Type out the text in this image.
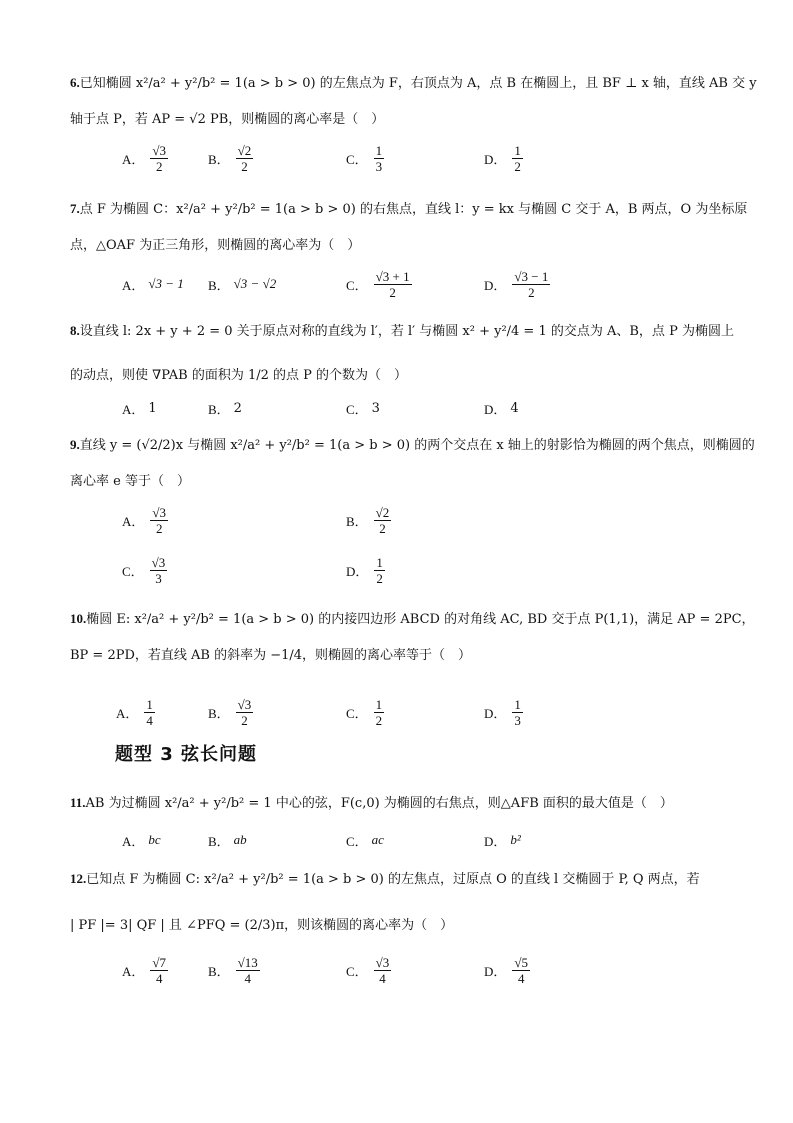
6.已知椭圆 x²/a² + y²/b² = 1(a > b > 0) 的左焦点为 F，右顶点为 A，点 B 在椭圆上，且 BF ⊥ x 轴，直线 AB 交 y
轴于点 P，若 AP = √2 PB，则椭圆的离心率是（　）
A． $\frac{√3}{2}$	B． $\frac{√2}{2}$	C． $\frac{1}{3}$	D． $\frac{1}{2}$
7.点 F 为椭圆 C：x²/a² + y²/b² = 1(a > b > 0) 的右焦点，直线 l：y = kx 与椭圆 C 交于 A，B 两点，O 为坐标原
点，△OAF 为正三角形，则椭圆的离心率为（　）
A． √3 − 1 B． √3 − √2	C． $\frac{√3 + 1}{2}$	D． $\frac{√3 - 1}{2}$
8.设直线 l: 2x + y + 2 = 0 关于原点对称的直线为 l′，若 l′ 与椭圆 x² + y²/4 = 1 的交点为 A、B，点 P 为椭圆上
的动点，则使 ∇PAB 的面积为 1/2 的点 P 的个数为（　）
A． 1	B． 2	C． 3	D． 4
9.直线 y = (√2/2)x 与椭圆 x²/a² + y²/b² = 1(a > b > 0) 的两个交点在 x 轴上的射影恰为椭圆的两个焦点，则椭圆的
离心率 e 等于（　）
A． $\frac{√3}{2}$	B． $\frac{√2}{2}$
C． $\frac{√3}{3}$	D． $\frac{1}{2}$
10.椭圆 E: x²/a² + y²/b² = 1(a > b > 0) 的内接四边形 ABCD 的对角线 AC, BD 交于点 P(1,1)，满足 AP = 2PC，
BP = 2PD，若直线 AB 的斜率为 −1/4，则椭圆的离心率等于（　）
A． $\frac{1}{4}$	B． $\frac{√3}{2}$	C． $\frac{1}{2}$	D． $\frac{1}{3}$
题型 3 弦长问题
11.AB 为过椭圆 x²/a² + y²/b² = 1 中心的弦，F(c,0) 为椭圆的右焦点，则△AFB 面积的最大值是（　）
A． bc	B． ab	C． ac	D． b²
12.已知点 F 为椭圆 C: x²/a² + y²/b² = 1(a > b > 0) 的左焦点，过原点 O 的直线 l 交椭圆于 P, Q 两点，若
| PF |= 3| QF | 且 ∠PFQ = (2/3)π，则该椭圆的离心率为（　）
A． $\frac{√7}{4}$	B． $\frac{√13}{4}$	C． $\frac{√3}{4}$	D． $\frac{√5}{4}$
